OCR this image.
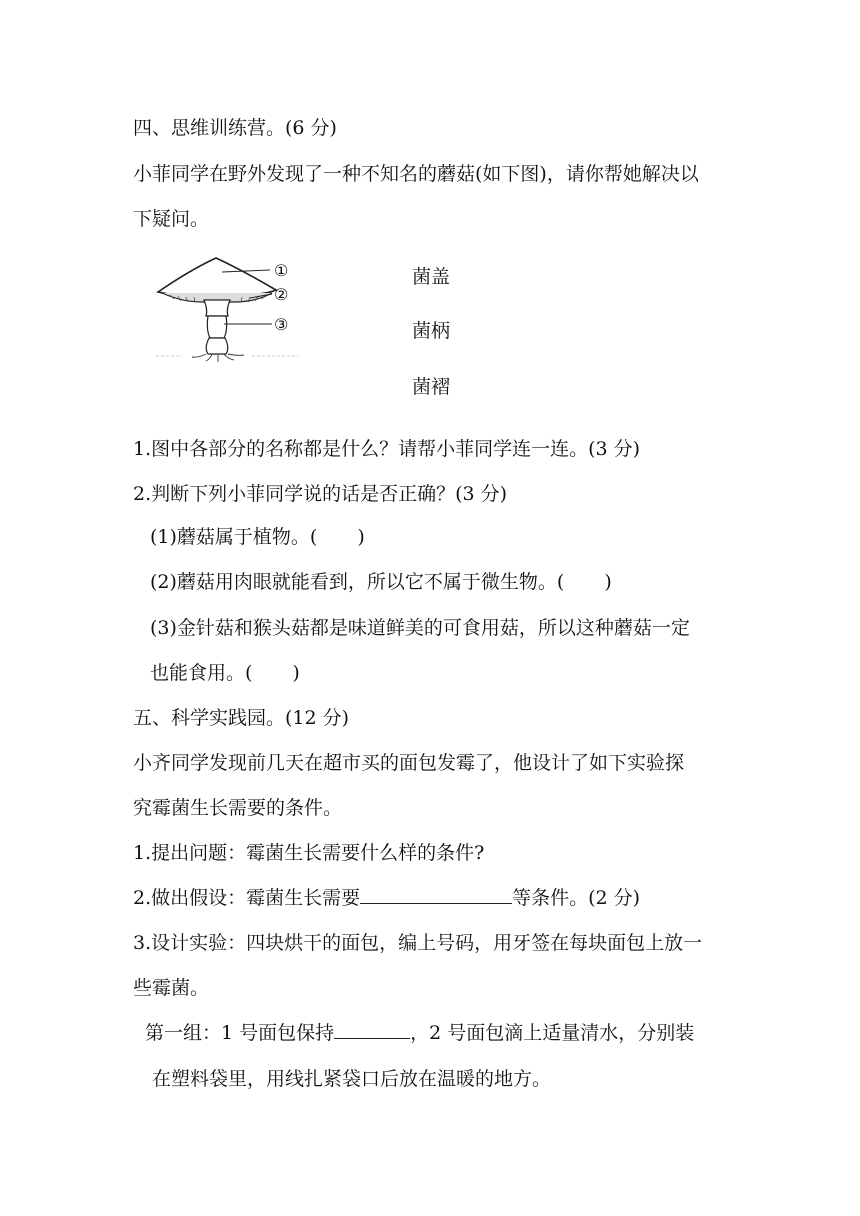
四、思维训练营。(6 分)
小菲同学在野外发现了一种不知名的蘑菇(如下图)，请你帮她解决以
下疑问。
①
②
③
菌盖
菌柄
菌褶
1.图中各部分的名称都是什么？请帮小菲同学连一连。(3 分)
2.判断下列小菲同学说的话是否正确？(3 分)
(1)蘑菇属于植物。( )
(2)蘑菇用肉眼就能看到，所以它不属于微生物。( )
(3)金针菇和猴头菇都是味道鲜美的可食用菇，所以这种蘑菇一定
也能食用。( )
五、科学实践园。(12 分)
小齐同学发现前几天在超市买的面包发霉了，他设计了如下实验探
究霉菌生长需要的条件。
1.提出问题：霉菌生长需要什么样的条件?
2.做出假设：霉菌生长需要	等条件。(2 分)
3.设计实验：四块烘干的面包，编上号码，用牙签在每块面包上放一
些霉菌。
第一组：1 号面包保持	，2 号面包滴上适量清水，分别装
在塑料袋里，用线扎紧袋口后放在温暖的地方。
